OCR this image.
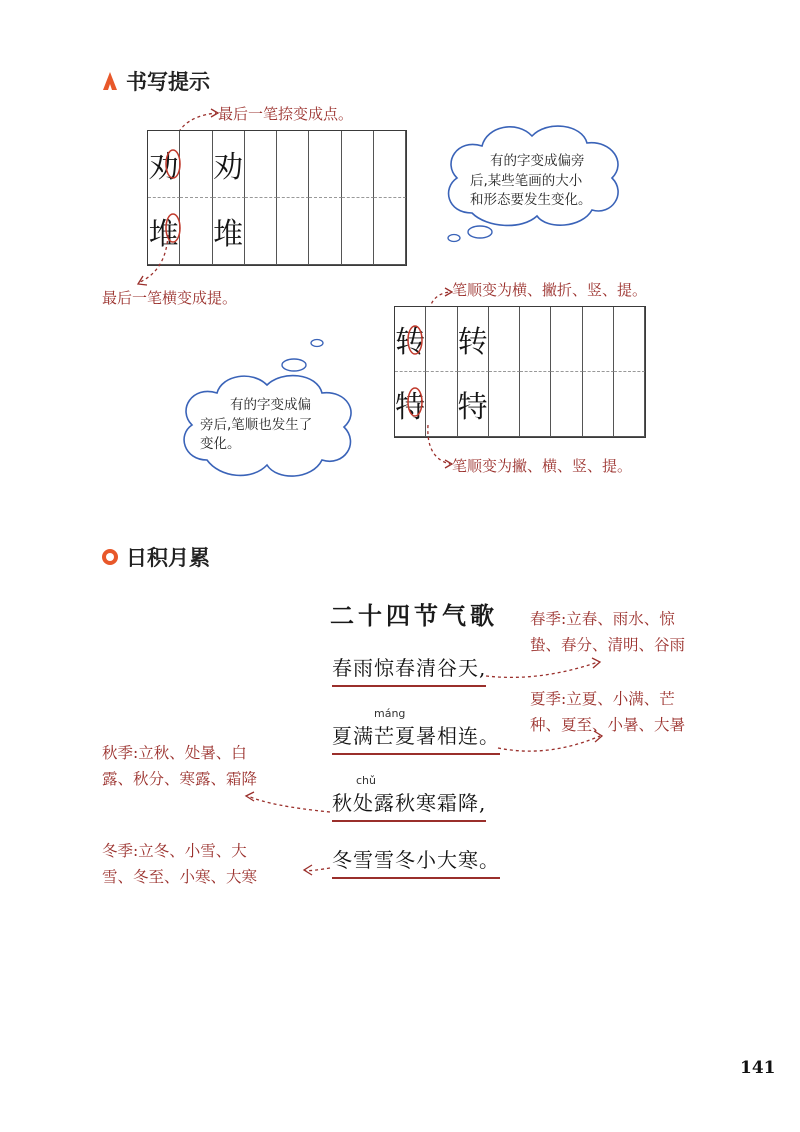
书写提示
最后一笔捺变成点。
劝 劝
堆 堆
最后一笔横变成提。
有的字变成偏旁
后,某些笔画的大小
和形态要发生变化。
笔顺变为横、撇折、竖、提。
转 转
特 特
笔顺变为撇、横、竖、提。
有的字变成偏
旁后,笔顺也发生了
变化。
日积月累
二十四节气歌
春雨惊春清谷天,
máng
夏满芒夏暑相连。
chǔ
秋处露秋寒霜降,
冬雪雪冬小大寒。
春季:立春、雨水、惊
蛰、春分、清明、谷雨
夏季:立夏、小满、芒
种、夏至、小暑、大暑
秋季:立秋、处暑、白
露、秋分、寒露、霜降
冬季:立冬、小雪、大
雪、冬至、小寒、大寒
141
